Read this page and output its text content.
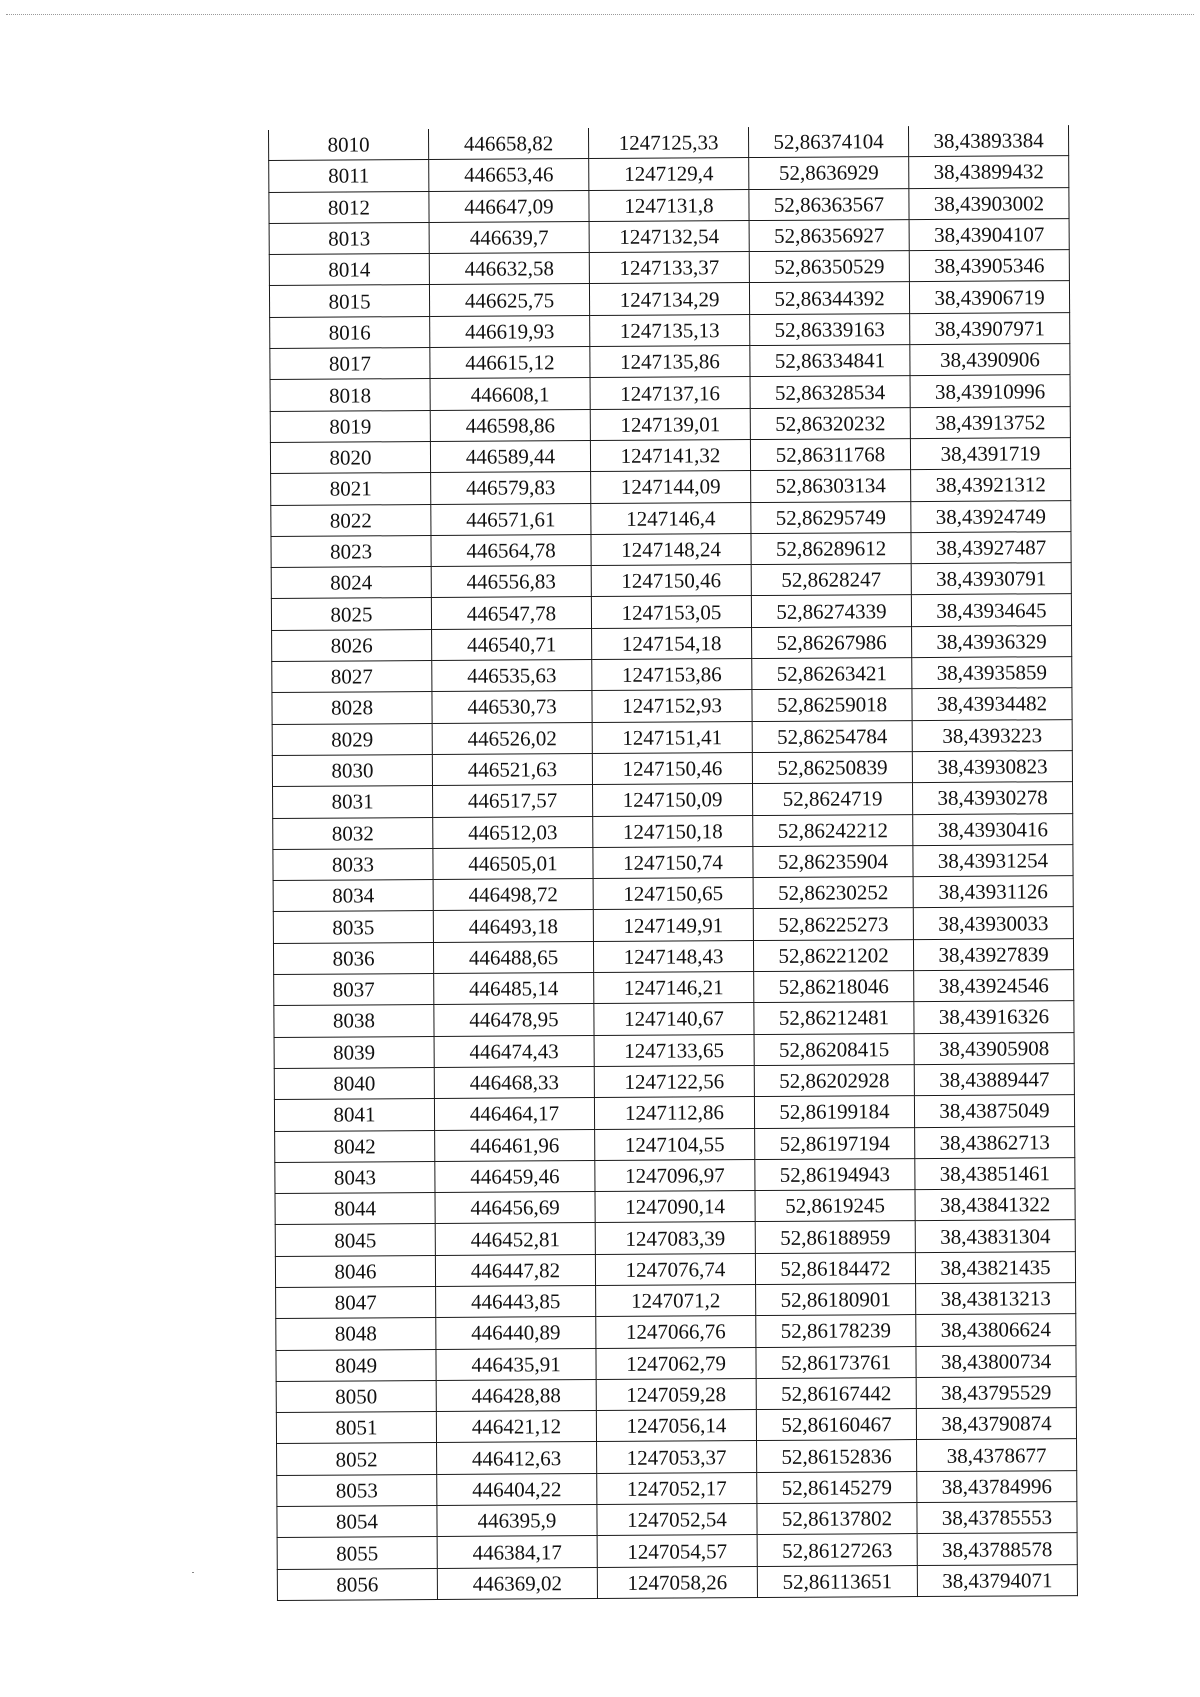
8010	446658,82	1247125,33	52,86374104	38,43893384
8011	446653,46	1247129,4	52,8636929	38,43899432
8012	446647,09	1247131,8	52,86363567	38,43903002
8013	446639,7	1247132,54	52,86356927	38,43904107
8014	446632,58	1247133,37	52,86350529	38,43905346
8015	446625,75	1247134,29	52,86344392	38,43906719
8016	446619,93	1247135,13	52,86339163	38,43907971
8017	446615,12	1247135,86	52,86334841	38,4390906
8018	446608,1	1247137,16	52,86328534	38,43910996
8019	446598,86	1247139,01	52,86320232	38,43913752
8020	446589,44	1247141,32	52,86311768	38,4391719
8021	446579,83	1247144,09	52,86303134	38,43921312
8022	446571,61	1247146,4	52,86295749	38,43924749
8023	446564,78	1247148,24	52,86289612	38,43927487
8024	446556,83	1247150,46	52,8628247	38,43930791
8025	446547,78	1247153,05	52,86274339	38,43934645
8026	446540,71	1247154,18	52,86267986	38,43936329
8027	446535,63	1247153,86	52,86263421	38,43935859
8028	446530,73	1247152,93	52,86259018	38,43934482
8029	446526,02	1247151,41	52,86254784	38,4393223
8030	446521,63	1247150,46	52,86250839	38,43930823
8031	446517,57	1247150,09	52,8624719	38,43930278
8032	446512,03	1247150,18	52,86242212	38,43930416
8033	446505,01	1247150,74	52,86235904	38,43931254
8034	446498,72	1247150,65	52,86230252	38,43931126
8035	446493,18	1247149,91	52,86225273	38,43930033
8036	446488,65	1247148,43	52,86221202	38,43927839
8037	446485,14	1247146,21	52,86218046	38,43924546
8038	446478,95	1247140,67	52,86212481	38,43916326
8039	446474,43	1247133,65	52,86208415	38,43905908
8040	446468,33	1247122,56	52,86202928	38,43889447
8041	446464,17	1247112,86	52,86199184	38,43875049
8042	446461,96	1247104,55	52,86197194	38,43862713
8043	446459,46	1247096,97	52,86194943	38,43851461
8044	446456,69	1247090,14	52,8619245	38,43841322
8045	446452,81	1247083,39	52,86188959	38,43831304
8046	446447,82	1247076,74	52,86184472	38,43821435
8047	446443,85	1247071,2	52,86180901	38,43813213
8048	446440,89	1247066,76	52,86178239	38,43806624
8049	446435,91	1247062,79	52,86173761	38,43800734
8050	446428,88	1247059,28	52,86167442	38,43795529
8051	446421,12	1247056,14	52,86160467	38,43790874
8052	446412,63	1247053,37	52,86152836	38,4378677
8053	446404,22	1247052,17	52,86145279	38,43784996
8054	446395,9	1247052,54	52,86137802	38,43785553
8055	446384,17	1247054,57	52,86127263	38,43788578
8056	446369,02	1247058,26	52,86113651	38,43794071
